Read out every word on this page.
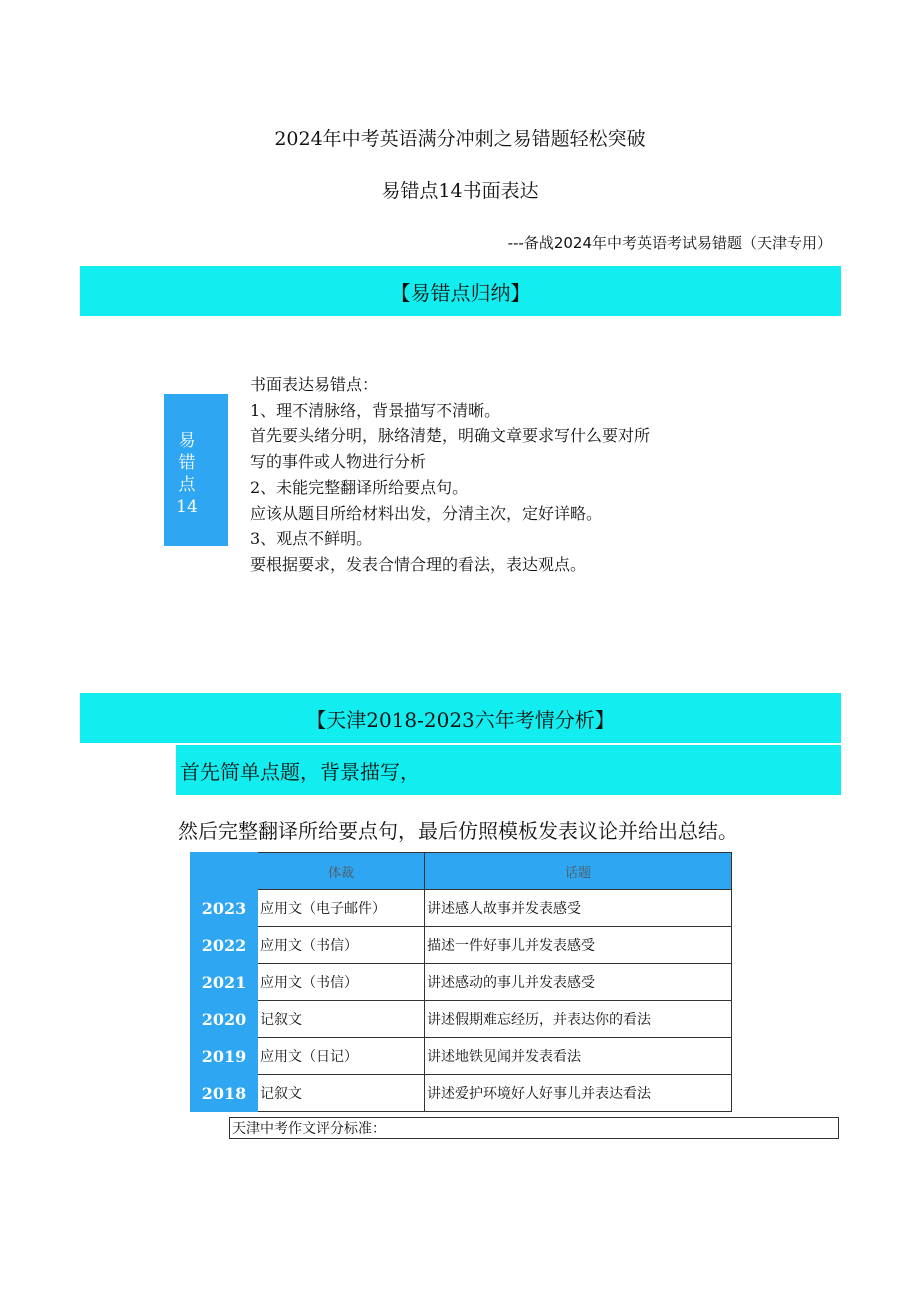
2024年中考英语满分冲刺之易错题轻松突破
易错点14书面表达
---备战2024年中考英语考试易错题（天津专用）
【易错点归纳】
易错点14
书面表达易错点：
1、理不清脉络，背景描写不清晰。
首先要头绪分明，脉络清楚，明确文章要求写什么要对所
写的事件或人物进行分析
2、未能完整翻译所给要点句。
应该从题目所给材料出发，分清主次，定好详略。
3、观点不鲜明。
要根据要求，发表合情合理的看法，表达观点。
【天津2018-2023六年考情分析】
首先简单点题，背景描写，
然后完整翻译所给要点句，最后仿照模板发表议论并给出总结。
	体裁	话题
2023	应用文（电子邮件）	讲述感人故事并发表感受
2022	应用文（书信）	描述一件好事儿并发表感受
2021	应用文（书信）	讲述感动的事儿并发表感受
2020	记叙文	讲述假期难忘经历，并表达你的看法
2019	应用文（日记）	讲述地铁见闻并发表看法
2018	记叙文	讲述爱护环境好人好事儿并表达看法
天津中考作文评分标准：
